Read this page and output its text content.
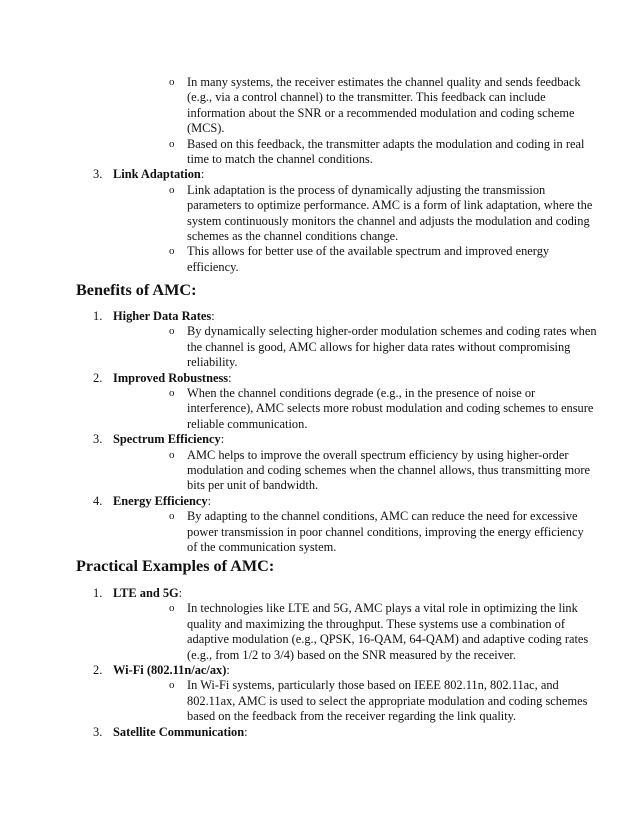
o In many systems, the receiver estimates the channel quality and sends feedback (e.g., via a control channel) to the transmitter. This feedback can include information about the SNR or a recommended modulation and coding scheme (MCS).
o Based on this feedback, the transmitter adapts the modulation and coding in real time to match the channel conditions.
3. Link Adaptation:
o Link adaptation is the process of dynamically adjusting the transmission parameters to optimize performance. AMC is a form of link adaptation, where the system continuously monitors the channel and adjusts the modulation and coding schemes as the channel conditions change.
o This allows for better use of the available spectrum and improved energy efficiency.
Benefits of AMC:
1. Higher Data Rates:
o By dynamically selecting higher-order modulation schemes and coding rates when the channel is good, AMC allows for higher data rates without compromising reliability.
2. Improved Robustness:
o When the channel conditions degrade (e.g., in the presence of noise or interference), AMC selects more robust modulation and coding schemes to ensure reliable communication.
3. Spectrum Efficiency:
o AMC helps to improve the overall spectrum efficiency by using higher-order modulation and coding schemes when the channel allows, thus transmitting more bits per unit of bandwidth.
4. Energy Efficiency:
o By adapting to the channel conditions, AMC can reduce the need for excessive power transmission in poor channel conditions, improving the energy efficiency of the communication system.
Practical Examples of AMC:
1. LTE and 5G:
o In technologies like LTE and 5G, AMC plays a vital role in optimizing the link quality and maximizing the throughput. These systems use a combination of adaptive modulation (e.g., QPSK, 16-QAM, 64-QAM) and adaptive coding rates (e.g., from 1/2 to 3/4) based on the SNR measured by the receiver.
2. Wi-Fi (802.11n/ac/ax):
o In Wi-Fi systems, particularly those based on IEEE 802.11n, 802.11ac, and 802.11ax, AMC is used to select the appropriate modulation and coding schemes based on the feedback from the receiver regarding the link quality.
3. Satellite Communication:
